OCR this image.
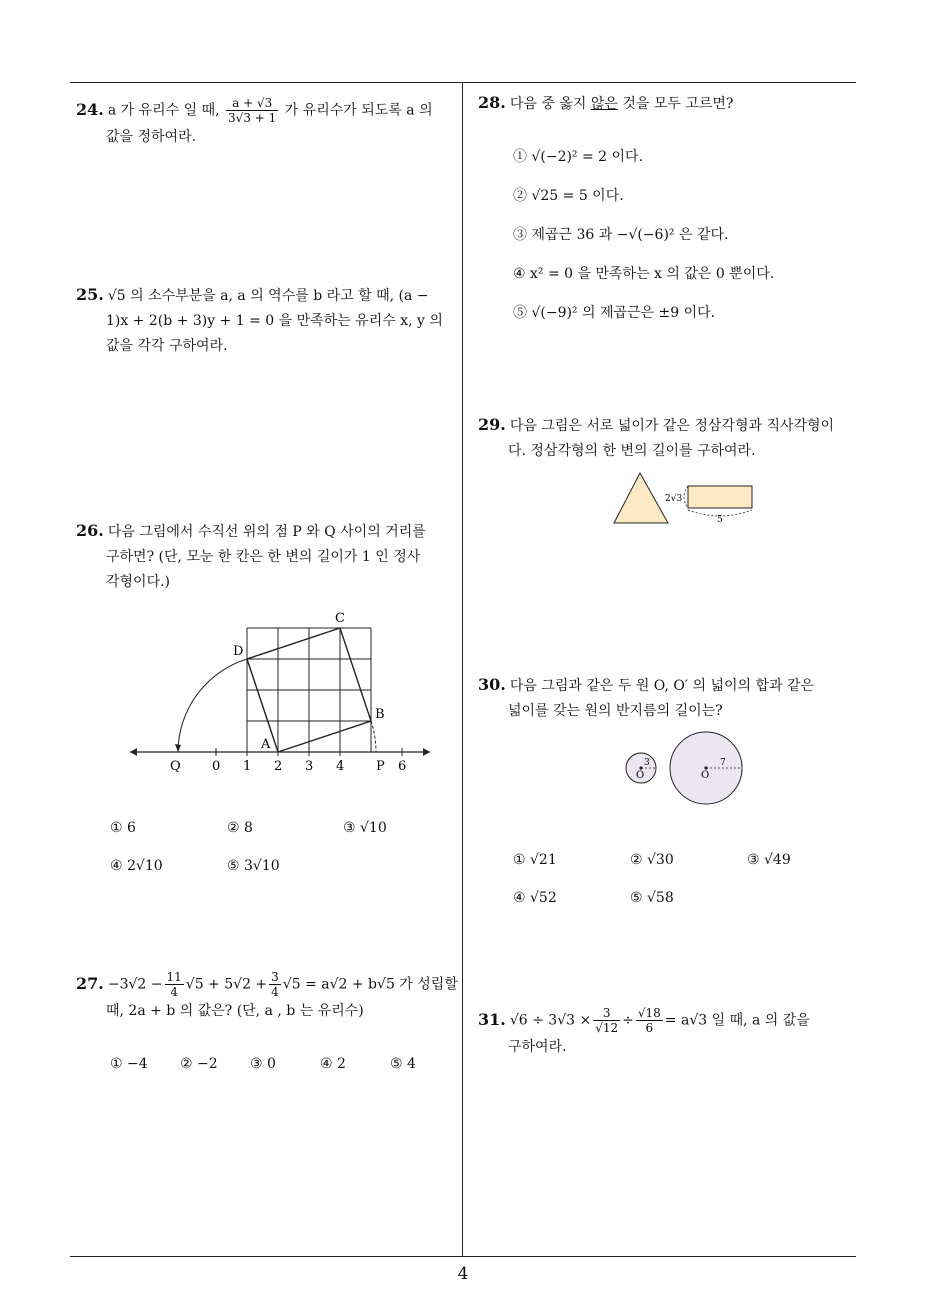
4
24. a 가 유리수 일 때, $\frac{a + √3}{3√3 + 1}$ 가 유리수가 되도록 a 의
값을 정하여라.
25. √5 의 소수부분을 a, a 의 역수를 b 라고 할 때, (a −
1)x + 2(b + 3)y + 1 = 0 을 만족하는 유리수 x, y 의
값을 각각 구하여라.
26. 다음 그림에서 수직선 위의 점 P 와 Q 사이의 거리를
구하면? (단, 모눈 한 칸은 한 변의 길이가 1 인 정사
각형이다.)
C
D
B
A
Q 0 1 2 3 4 P 6
① 6	② 8	③ √10
④ 2√10	⑤ 3√10
27. $-3√2 - \frac{11}{4} √5 + 5√2 + \frac{3}{4} √5 = a√2 + b√5$ 가 성립할
때, 2a + b 의 값은? (단, a , b 는 유리수)
① −4 ② −2 ③ 0	④ 2	⑤ 4
28. 다음 중 옳지 않은 것을 모두 고르면?
① √(−2)² = 2 이다.
② √25 = 5 이다.
③ 제곱근 36 과 −√(−6)² 은 같다.
④ x² = 0 을 만족하는 x 의 값은 0 뿐이다.
⑤ √(−9)² 의 제곱근은 ±9 이다.
29. 다음 그림은 서로 넓이가 같은 정삼각형과 직사각형이
다. 정삼각형의 한 변의 길이를 구하여라.
2√3
5
30. 다음 그림과 같은 두 원 O, O′ 의 넓이의 합과 같은
넓이를 갖는 원의 반지름의 길이는?
3
O
7
O
① √21	② √30	③ √49
④ √52	⑤ √58
31. $√6 \div 3√3 \times \frac{3}{√12} \div \frac{√18}{6} = a√3$ 일 때, a 의 값을
구하여라.
